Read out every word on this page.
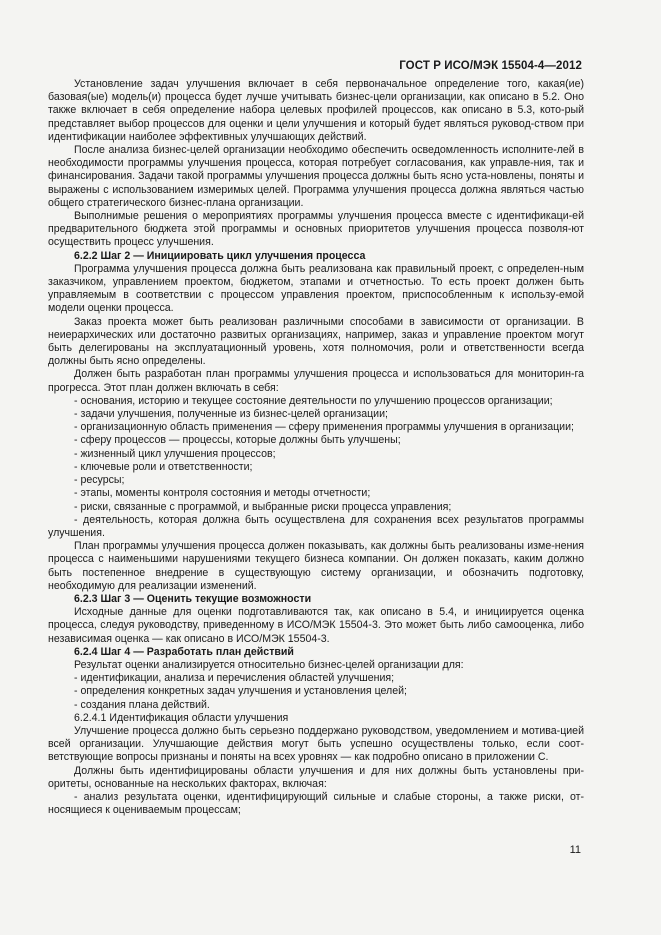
ГОСТ Р ИСО/МЭК 15504-4—2012

Установление задач улучшения включает в себя первоначальное определение того, какая(ие) базовая(ые) модель(и) процесса будет лучше учитывать бизнес-цели организации, как описано в 5.2. Оно также включает в себя определение набора целевых профилей процессов, как описано в 5.3, кото-рый представляет выбор процессов для оценки и цели улучшения и который будет являться руковод-ством при идентификации наиболее эффективных улучшающих действий.

После анализа бизнес-целей организации необходимо обеспечить осведомленность исполните-лей в необходимости программы улучшения процесса, которая потребует согласования, как управле-ния, так и финансирования. Задачи такой программы улучшения процесса должны быть ясно уста-новлены, поняты и выражены с использованием измеримых целей. Программа улучшения процесса должна являться частью общего стратегического бизнес-плана организации.

Выполнимые решения о мероприятиях программы улучшения процесса вместе с идентификаци-ей предварительного бюджета этой программы и основных приоритетов улучшения процесса позволя-ют осуществить процесс улучшения.

6.2.2 Шаг 2 — Инициировать цикл улучшения процесса

Программа улучшения процесса должна быть реализована как правильный проект, с определен-ным заказчиком, управлением проектом, бюджетом, этапами и отчетностью. То есть проект должен быть управляемым в соответствии с процессом управления проектом, приспособленным к использу-емой модели оценки процесса.

Заказ проекта может быть реализован различными способами в зависимости от организации. В неиерархических или достаточно развитых организациях, например, заказ и управление проектом могут быть делегированы на эксплуатационный уровень, хотя полномочия, роли и ответственности всегда должны быть ясно определены.

Должен быть разработан план программы улучшения процесса и использоваться для мониторин-га прогресса. Этот план должен включать в себя:

- основания, историю и текущее состояние деятельности по улучшению процессов организации;

- задачи улучшения, полученные из бизнес-целей организации;

- организационную область применения — сферу применения программы улучшения в организации;

- сферу процессов — процессы, которые должны быть улучшены;

- жизненный цикл улучшения процессов;

- ключевые роли и ответственности;

- ресурсы;

- этапы, моменты контроля состояния и методы отчетности;

- риски, связанные с программой, и выбранные риски процесса управления;

- деятельность, которая должна быть осуществлена для сохранения всех результатов программы улучшения.

План программы улучшения процесса должен показывать, как должны быть реализованы изме-нения процесса с наименьшими нарушениями текущего бизнеса компании. Он должен показать, каким должно быть постепенное внедрение в существующую систему организации, и обозначить подготовку, необходимую для реализации изменений.

6.2.3 Шаг 3 — Оценить текущие возможности

Исходные данные для оценки подготавливаются так, как описано в 5.4, и инициируется оценка процесса, следуя руководству, приведенному в ИСО/МЭК 15504-3. Это может быть либо самооценка, либо независимая оценка — как описано в ИСО/МЭК 15504-3.

6.2.4 Шаг 4 — Разработать план действий

Результат оценки анализируется относительно бизнес-целей организации для:

- идентификации, анализа и перечисления областей улучшения;

- определения конкретных задач улучшения и установления целей;

- создания плана действий.

6.2.4.1 Идентификация области улучшения

Улучшение процесса должно быть серьезно поддержано руководством, уведомлением и мотива-цией всей организации. Улучшающие действия могут быть успешно осуществлены только, если соот-ветствующие вопросы признаны и поняты на всех уровнях — как подробно описано в приложении С.

Должны быть идентифицированы области улучшения и для них должны быть установлены при-оритеты, основанные на нескольких факторах, включая:

- анализ результата оценки, идентифицирующий сильные и слабые стороны, а также риски, от-носящиеся к оцениваемым процессам;

11
